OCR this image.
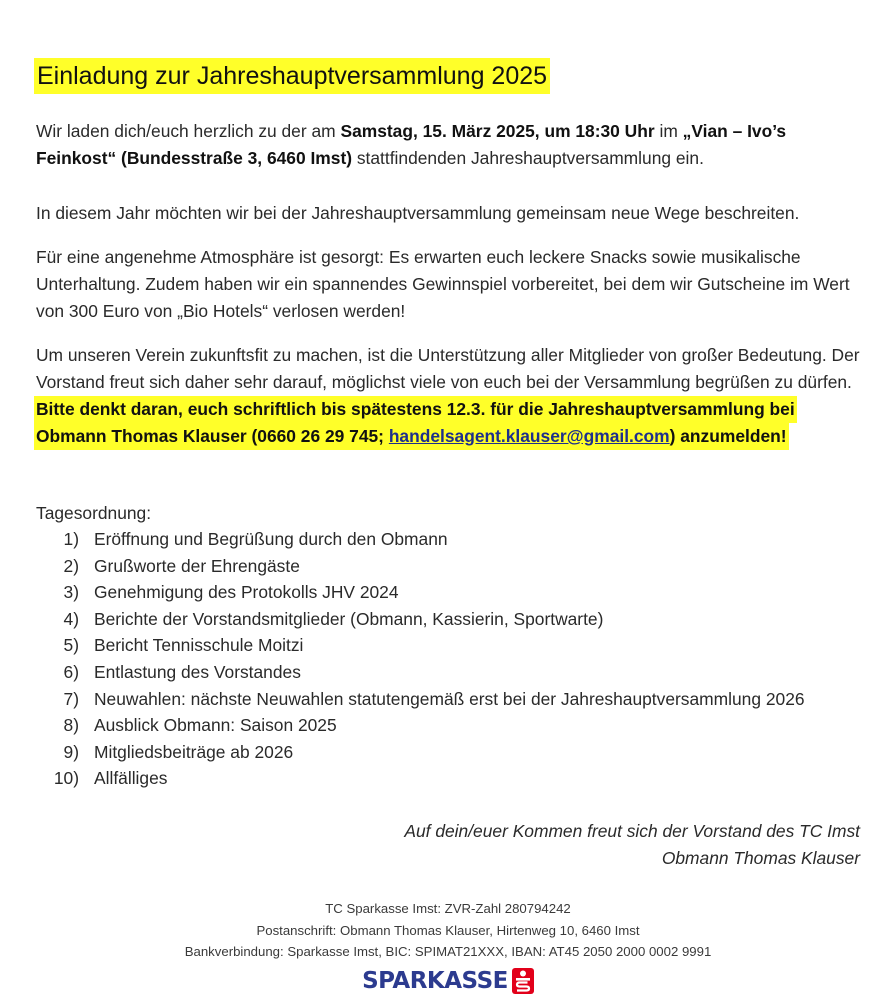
Einladung zur Jahreshauptversammlung 2025
Wir laden dich/euch herzlich zu der am Samstag, 15. März 2025, um 18:30 Uhr im „Vian – Ivo’s Feinkost“ (Bundesstraße 3, 6460 Imst) stattfindenden Jahreshauptversammlung ein.
In diesem Jahr möchten wir bei der Jahreshauptversammlung gemeinsam neue Wege beschreiten.
Für eine angenehme Atmosphäre ist gesorgt: Es erwarten euch leckere Snacks sowie musikalische Unterhaltung. Zudem haben wir ein spannendes Gewinnspiel vorbereitet, bei dem wir Gutscheine im Wert von 300 Euro von „Bio Hotels“ verlosen werden!
Um unseren Verein zukunftsfit zu machen, ist die Unterstützung aller Mitglieder von großer Bedeutung. Der Vorstand freut sich daher sehr darauf, möglichst viele von euch bei der Versammlung begrüßen zu dürfen.
Bitte denkt daran, euch schriftlich bis spätestens 12.3. für die Jahreshauptversammlung bei
Obmann Thomas Klauser (0660 26 29 745; handelsagent.klauser@gmail.com) anzumelden!
Tagesordnung:
1) Eröffnung und Begrüßung durch den Obmann
2) Grußworte der Ehrengäste
3) Genehmigung des Protokolls JHV 2024
4) Berichte der Vorstandsmitglieder (Obmann, Kassierin, Sportwarte)
5) Bericht Tennisschule Moitzi
6) Entlastung des Vorstandes
7) Neuwahlen: nächste Neuwahlen statutengemäß erst bei der Jahreshauptversammlung 2026
8) Ausblick Obmann: Saison 2025
9) Mitgliedsbeiträge ab 2026
10) Allfälliges
Auf dein/euer Kommen freut sich der Vorstand des TC Imst
Obmann Thomas Klauser
TC Sparkasse Imst: ZVR-Zahl 280794242
Postanschrift: Obmann Thomas Klauser, Hirtenweg 10, 6460 Imst
Bankverbindung: Sparkasse Imst, BIC: SPIMAT21XXX, IBAN: AT45 2050 2000 0002 9991
SPARKASSE
